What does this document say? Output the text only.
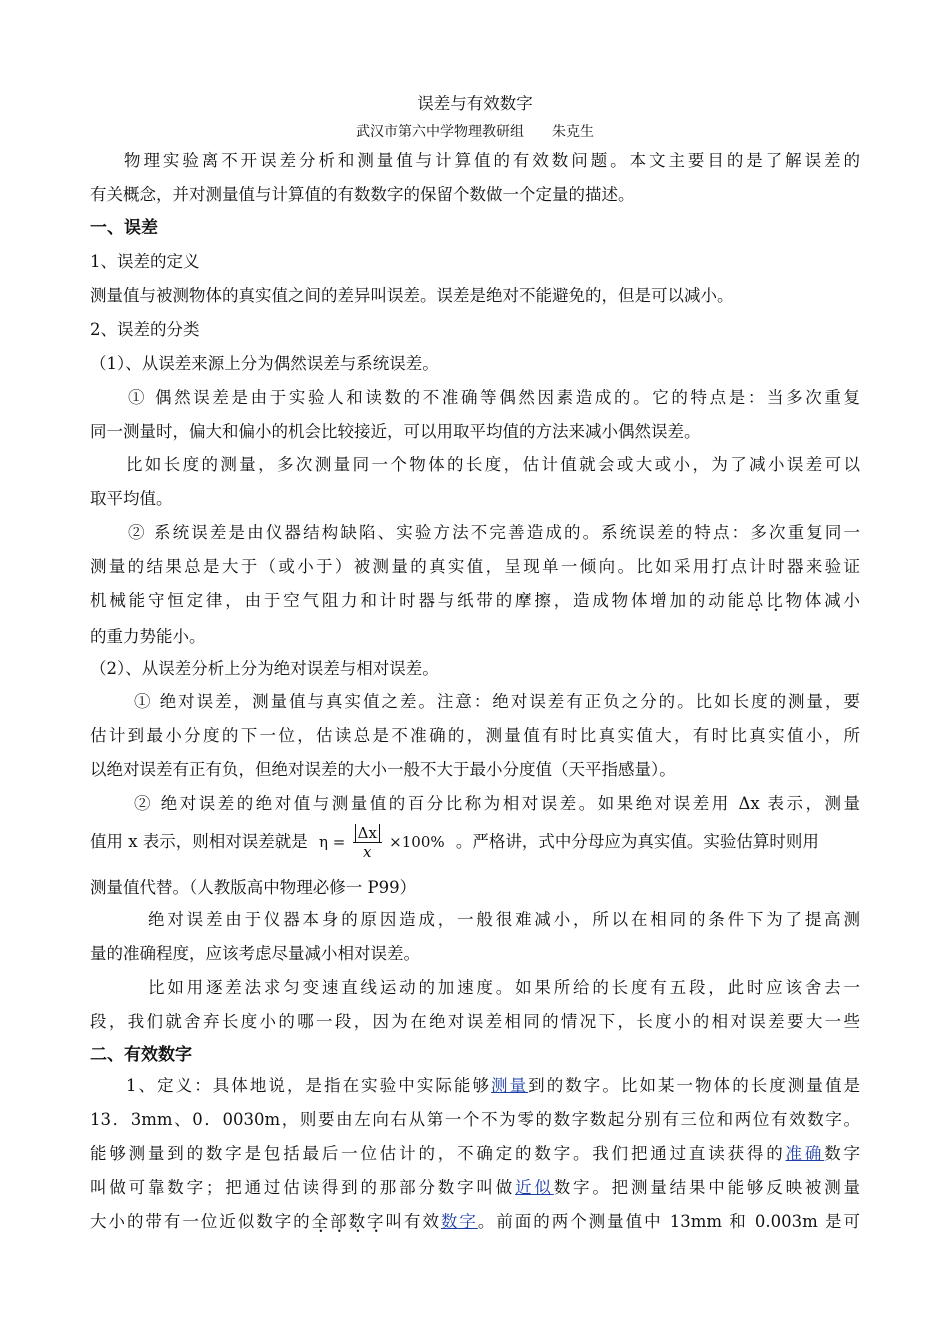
误差与有效数字
武汉市第六中学物理教研组　　朱克生
物理实验离不开误差分析和测量值与计算值的有效数问题。本文主要目的是了解误差的
有关概念，并对测量值与计算值的有数数字的保留个数做一个定量的描述。
一、误差
1、误差的定义
测量值与被测物体的真实值之间的差异叫误差。误差是绝对不能避免的，但是可以减小。
2、误差的分类
（1）、从误差来源上分为偶然误差与系统误差。
① 偶然误差是由于实验人和读数的不准确等偶然因素造成的。它的特点是：当多次重复
同一测量时，偏大和偏小的机会比较接近，可以用取平均值的方法来减小偶然误差。
比如长度的测量，多次测量同一个物体的长度，估计值就会或大或小，为了减小误差可以
取平均值。
② 系统误差是由仪器结构缺陷、实验方法不完善造成的。系统误差的特点：多次重复同一
测量的结果总是大于（或小于）被测量的真实值，呈现单一倾向。比如采用打点计时器来验证
机械能守恒定律，由于空气阻力和计时器与纸带的摩擦，造成物体增加的动能总比物体减小
的重力势能小。
（2）、从误差分析上分为绝对误差与相对误差。
① 绝对误差，测量值与真实值之差。注意：绝对误差有正负之分的。比如长度的测量，要
估计到最小分度的下一位，估读总是不准确的，测量值有时比真实值大，有时比真实值小，所
以绝对误差有正有负，但绝对误差的大小一般不大于最小分度值（天平指感量）。
② 绝对误差的绝对值与测量值的百分比称为相对误差。如果绝对误差用 Δx 表示，测量
值用 x 表示，则相对误差就是 $\eta = \frac{\Delta x}{x} \times 100\%$ 。严格讲，式中分母应为真实值。实验估算时则用
测量值代替。（人教版高中物理必修一 P99）
绝对误差由于仪器本身的原因造成，一般很难减小，所以在相同的条件下为了提高测
量的准确程度，应该考虑尽量减小相对误差。
比如用逐差法求匀变速直线运动的加速度。如果所给的长度有五段，此时应该舍去一
段，我们就舍弃长度小的哪一段，因为在绝对误差相同的情况下，长度小的相对误差要大一些
二、有效数字
1、定义：具体地说，是指在实验中实际能够测量到的数字。比如某一物体的长度测量值是
13．3mm、0．0030m，则要由左向右从第一个不为零的数字数起分别有三位和两位有效数字。
能够测量到的数字是包括最后一位估计的，不确定的数字。我们把通过直读获得的准确数字
叫做可靠数字；把通过估读得到的那部分数字叫做近似数字。把测量结果中能够反映被测量
大小的带有一位近似数字的全部数字叫有效数字。前面的两个测量值中 13mm 和 0.003m 是可
